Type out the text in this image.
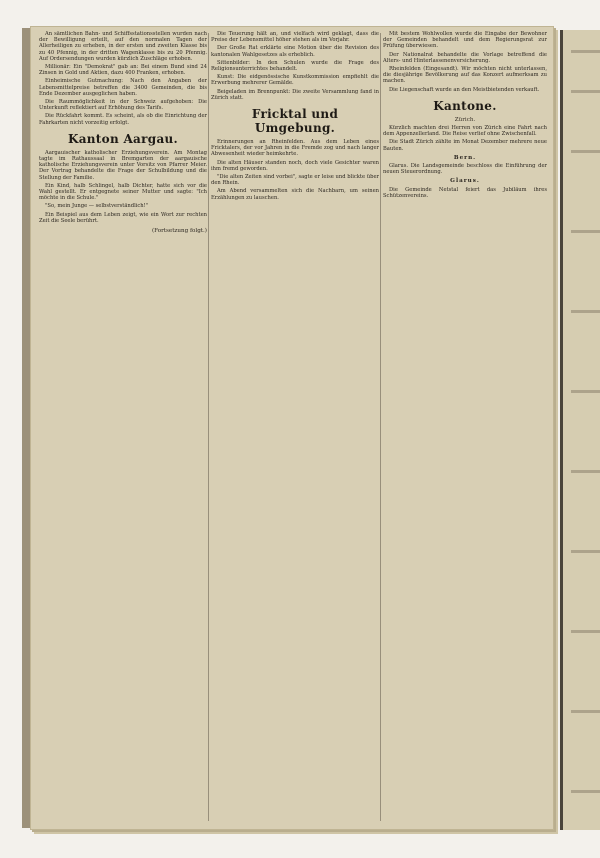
An sämtlichen Bahn- und Schiffsstationsstellen wurden nach der Bewilligung erteilt, auf den normalen Tagen der Allerheiligen zu erheben, in der ersten und zweiten Klasse bis zu 40 Pfennig, in der dritten Wagenklasse bis zu 20 Pfennig. Auf Ordersendungen wurden kürzlich Zuschläge erhoben.

Millionär: Ein "Demokrat" gab an: Bei einem Bund sind 24 Zinsen in Gold und Aktien, dazu 400 Franken, erhoben.

Einheimische Gutmachung: Nach den Angaben der Lebensmittelpreise betreffen die 3400 Gemeinden, die bis Ende Dezember ausgeglichen haben.

Die Raummöglichkeit in der Schweiz aufgehoben: Die Unterkunft reflektiert auf Erhöhung des Tarifs.

Die Rückfahrt kommt. Es scheint, als ob die Einrichtung der Fahrkarten nicht vorzeitig erfolgt.

Kanton Aargau.

Aargauischer katholischer Erziehungsverein. Am Montag tagte im Rathaussaal in Bremgarten der aargauische katholische Erziehungsverein unter Vorsitz von Pfarrer Meier. Der Vortrag behandelte die Frage der Schulbildung und die Stellung der Familie.

Ein Kind, halb Schlingel, halb Dichter, hatte sich vor die Wahl gestellt. Er entgegnete seiner Mutter und sagte: "Ich möchte in die Schule."

"So, mein Junge — selbstverständlich!"

Ein Beispiel aus dem Leben zeigt, wie ein Wort zur rechten Zeit die Seele berührt.

(Fortsetzung folgt.)

Die Teuerung hält an, und vielfach wird geklagt, dass die Preise der Lebensmittel höher stehen als im Vorjahr.

Der Große Rat erklärte eine Motion über die Revision des kantonalen Wahlgesetzes als erheblich.

Sittenbilder: In den Schulen wurde die Frage des Religionsunterrichtes behandelt.

Kunst: Die eidgenössische Kunstkommission empfiehlt die Erwerbung mehrerer Gemälde.

Beigeladen im Brennpunkt: Die zweite Versammlung fand in Zürich statt.

Fricktal und Umgebung.

Erinnerungen an Rheinfelden. Aus dem Leben eines Fricktalers, der vor Jahren in die Fremde zog und nach langer Abwesenheit wieder heimkehrte.

Die alten Häuser standen noch, doch viele Gesichter waren ihm fremd geworden.

"Die alten Zeiten sind vorbei", sagte er leise und blickte über den Rhein.

Am Abend versammelten sich die Nachbarn, um seinen Erzählungen zu lauschen.

Mit bestem Wohlwollen wurde die Eingabe der Bewohner der Gemeinden behandelt und dem Regierungsrat zur Prüfung überwiesen.

Der Nationalrat behandelte die Vorlage betreffend die Alters- und Hinterlassenenversicherung.

Rheinfelden (Eingesandt). Wir möchten nicht unterlassen, die diesjährige Bevölkerung auf das Konzert aufmerksam zu machen.

Die Liegenschaft wurde an den Meistbietenden verkauft.

Kantone.
Zürich.

Kürzlich machten drei Herren von Zürich eine Fahrt nach dem Appenzellerland. Die Reise verlief ohne Zwischenfall.

Die Stadt Zürich zählte im Monat Dezember mehrere neue Bauten.

Bern.

Glarus. Die Landsgemeinde beschloss die Einführung der neuen Steuerordnung.

Glarus.

Die Gemeinde Netstal feiert das Jubiläum ihres Schützenvereins.
